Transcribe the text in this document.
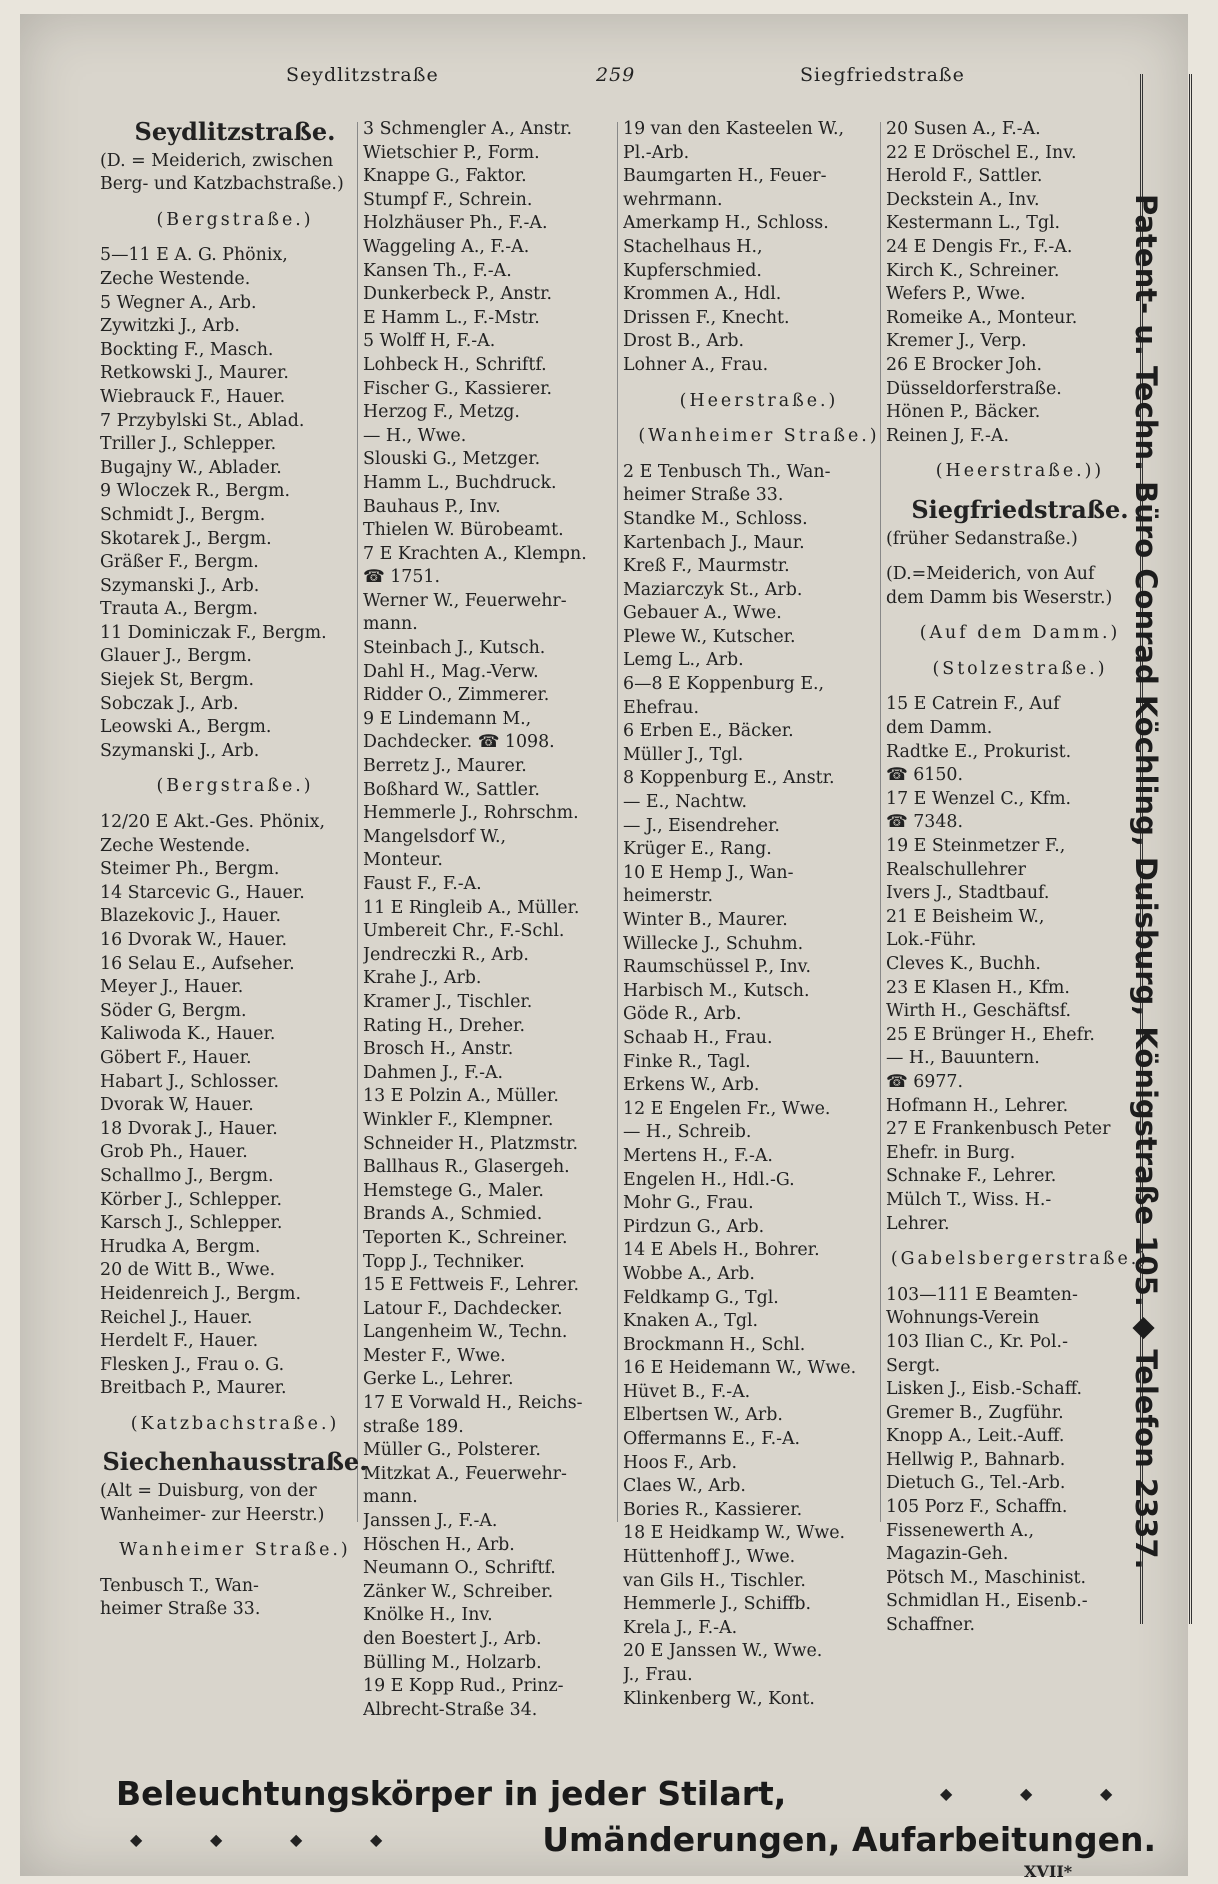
Seydlitzstraße	259	Siegfriedstraße
Seydlitzstraße.
(D. = Meiderich, zwischen
Berg- und Katzbachstraße.)
(Bergstraße.)
5—11 E A. G. Phönix,
Zeche Westende.
5 Wegner A., Arb.
Zywitzki J., Arb.
Bockting F., Masch.
Retkowski J., Maurer.
Wiebrauck F., Hauer.
7 Przybylski St., Ablad.
Triller J., Schlepper.
Bugajny W., Ablader.
9 Wloczek R., Bergm.
Schmidt J., Bergm.
Skotarek J., Bergm.
Gräßer F., Bergm.
Szymanski J., Arb.
Trauta A., Bergm.
11 Dominiczak F., Bergm.
Glauer J., Bergm.
Siejek St, Bergm.
Sobczak J., Arb.
Leowski A., Bergm.
Szymanski J., Arb.
(Bergstraße.)
12/20 E Akt.-Ges. Phönix,
Zeche Westende.
Steimer Ph., Bergm.
14 Starcevic G., Hauer.
Blazekovic J., Hauer.
16 Dvorak W., Hauer.
16 Selau E., Aufseher.
Meyer J., Hauer.
Söder G, Bergm.
Kaliwoda K., Hauer.
Göbert F., Hauer.
Habart J., Schlosser.
Dvorak W, Hauer.
18 Dvorak J., Hauer.
Grob Ph., Hauer.
Schallmo J., Bergm.
Körber J., Schlepper.
Karsch J., Schlepper.
Hrudka A, Bergm.
20 de Witt B., Wwe.
Heidenreich J., Bergm.
Reichel J., Hauer.
Herdelt F., Hauer.
Flesken J., Frau o. G.
Breitbach P., Maurer.
(Katzbachstraße.)
Siechenhausstraße.
(Alt = Duisburg, von der
Wanheimer- zur Heerstr.)
Wanheimer Straße.)
Tenbusch T., Wan-
heimer Straße 33.
3 Schmengler A., Anstr.
Wietschier P., Form.
Knappe G., Faktor.
Stumpf F., Schrein.
Holzhäuser Ph., F.-A.
Waggeling A., F.-A.
Kansen Th., F.-A.
Dunkerbeck P., Anstr.
E Hamm L., F.-Mstr.
5 Wolff H, F.-A.
Lohbeck H., Schriftf.
Fischer G., Kassierer.
Herzog F., Metzg.
— H., Wwe.
Slouski G., Metzger.
Hamm L., Buchdruck.
Bauhaus P., Inv.
Thielen W. Bürobeamt.
7 E Krachten A., Klempn.
☎ 1751.
Werner W., Feuerwehr-
mann.
Steinbach J., Kutsch.
Dahl H., Mag.-Verw.
Ridder O., Zimmerer.
9 E Lindemann M.,
Dachdecker. ☎ 1098.
Berretz J., Maurer.
Boßhard W., Sattler.
Hemmerle J., Rohrschm.
Mangelsdorf W.,
Monteur.
Faust F., F.-A.
11 E Ringleib A., Müller.
Umbereit Chr., F.-Schl.
Jendreczki R., Arb.
Krahe J., Arb.
Kramer J., Tischler.
Rating H., Dreher.
Brosch H., Anstr.
Dahmen J., F.-A.
13 E Polzin A., Müller.
Winkler F., Klempner.
Schneider H., Platzmstr.
Ballhaus R., Glasergeh.
Hemstege G., Maler.
Brands A., Schmied.
Teporten K., Schreiner.
Topp J., Techniker.
15 E Fettweis F., Lehrer.
Latour F., Dachdecker.
Langenheim W., Techn.
Mester F., Wwe.
Gerke L., Lehrer.
17 E Vorwald H., Reichs-
straße 189.
Müller G., Polsterer.
Mitzkat A., Feuerwehr-
mann.
Janssen J., F.-A.
Höschen H., Arb.
Neumann O., Schriftf.
Zänker W., Schreiber.
Knölke H., Inv.
den Boestert J., Arb.
Bülling M., Holzarb.
19 E Kopp Rud., Prinz-
Albrecht-Straße 34.
19 van den Kasteelen W.,
Pl.-Arb.
Baumgarten H., Feuer-
wehrmann.
Amerkamp H., Schloss.
Stachelhaus H.,
Kupferschmied.
Krommen A., Hdl.
Drissen F., Knecht.
Drost B., Arb.
Lohner A., Frau.
(Heerstraße.)
(Wanheimer Straße.)
2 E Tenbusch Th., Wan-
heimer Straße 33.
Standke M., Schloss.
Kartenbach J., Maur.
Kreß F., Maurmstr.
Maziarczyk St., Arb.
Gebauer A., Wwe.
Plewe W., Kutscher.
Lemg L., Arb.
6—8 E Koppenburg E.,
Ehefrau.
6 Erben E., Bäcker.
Müller J., Tgl.
8 Koppenburg E., Anstr.
— E., Nachtw.
— J., Eisendreher.
Krüger E., Rang.
10 E Hemp J., Wan-
heimerstr.
Winter B., Maurer.
Willecke J., Schuhm.
Raumschüssel P., Inv.
Harbisch M., Kutsch.
Göde R., Arb.
Schaab H., Frau.
Finke R., Tagl.
Erkens W., Arb.
12 E Engelen Fr., Wwe.
— H., Schreib.
Mertens H., F.-A.
Engelen H., Hdl.-G.
Mohr G., Frau.
Pirdzun G., Arb.
14 E Abels H., Bohrer.
Wobbe A., Arb.
Feldkamp G., Tgl.
Knaken A., Tgl.
Brockmann H., Schl.
16 E Heidemann W., Wwe.
Hüvet B., F.-A.
Elbertsen W., Arb.
Offermanns E., F.-A.
Hoos F., Arb.
Claes W., Arb.
Bories R., Kassierer.
18 E Heidkamp W., Wwe.
Hüttenhoff J., Wwe.
van Gils H., Tischler.
Hemmerle J., Schiffb.
Krela J., F.-A.
20 E Janssen W., Wwe.
J., Frau.
Klinkenberg W., Kont.
20 Susen A., F.-A.
22 E Dröschel E., Inv.
Herold F., Sattler.
Deckstein A., Inv.
Kestermann L., Tgl.
24 E Dengis Fr., F.-A.
Kirch K., Schreiner.
Wefers P., Wwe.
Romeike A., Monteur.
Kremer J., Verp.
26 E Brocker Joh.
Düsseldorferstraße.
Hönen P., Bäcker.
Reinen J, F.-A.
(Heerstraße.))
Siegfriedstraße.
(früher Sedanstraße.)
(D.=Meiderich, von Auf
dem Damm bis Weserstr.)
(Auf dem Damm.)
(Stolzestraße.)
15 E Catrein F., Auf
dem Damm.
Radtke E., Prokurist.
☎ 6150.
17 E Wenzel C., Kfm.
☎ 7348.
19 E Steinmetzer F.,
Realschullehrer
Ivers J., Stadtbauf.
21 E Beisheim W.,
Lok.-Führ.
Cleves K., Buchh.
23 E Klasen H., Kfm.
Wirth H., Geschäftsf.
25 E Brünger H., Ehefr.
— H., Bauuntern.
☎ 6977.
Hofmann H., Lehrer.
27 E Frankenbusch Peter
Ehefr. in Burg.
Schnake F., Lehrer.
Mülch T., Wiss. H.-
Lehrer.
(Gabelsbergerstraße.)
103—111 E Beamten-
Wohnungs-Verein
103 Ilian C., Kr. Pol.-
Sergt.
Lisken J., Eisb.-Schaff.
Gremer B., Zugführ.
Knopp A., Leit.-Auff.
Hellwig P., Bahnarb.
Dietuch G., Tel.-Arb.
105 Porz F., Schaffn.
Fissenewerth A.,
Magazin-Geh.
Pötsch M., Maschinist.
Schmidlan H., Eisenb.-
Schaffner.
Patent- u. Techn. Büro Conrad Köchling, Duisburg, Königstraße 105. ◆ Telefon 2337.
Beleuchtungskörper in jeder Stilart,
Umänderungen, Aufarbeitungen.
◆	◆	◆
◆	◆	◆	◆
XVII*
